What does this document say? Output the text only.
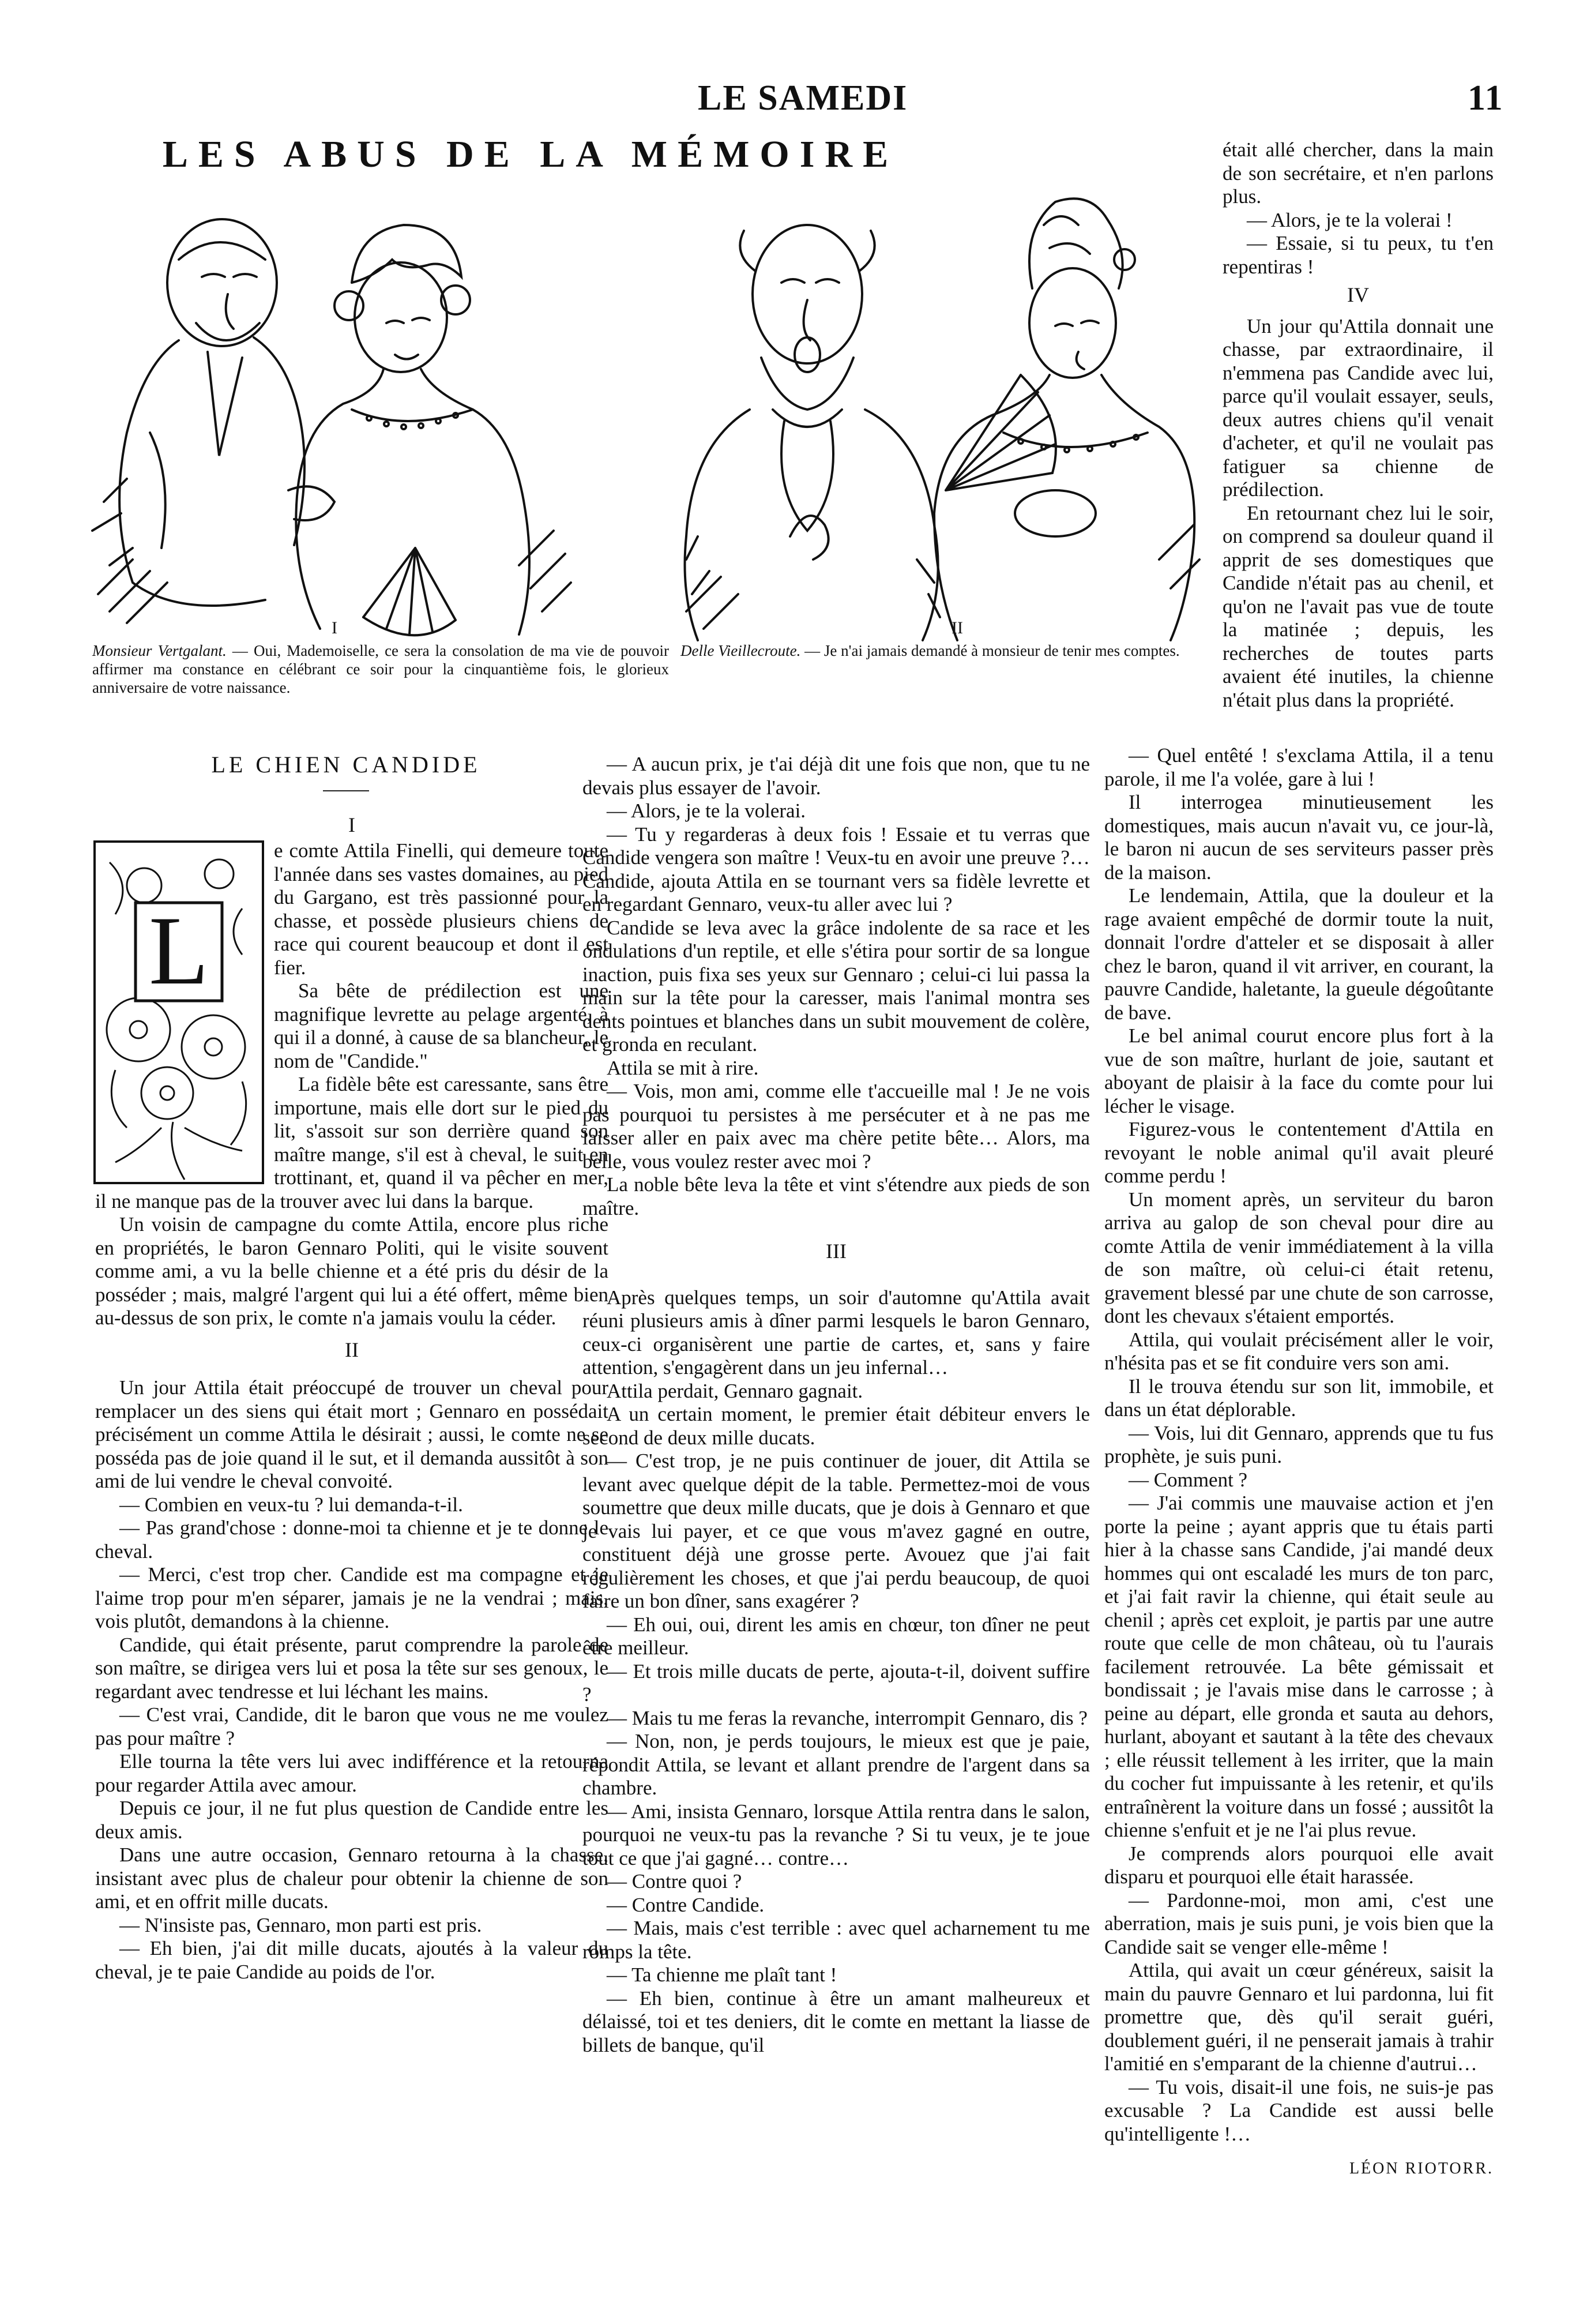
LE SAMEDI	11
LES ABUS DE LA MÉMOIRE
I
Monsieur Vertgalant. — Oui, Mademoiselle, ce sera la consolation de ma vie de pouvoir affirmer ma constance en célébrant ce soir pour la cinquantième fois, le glorieux anniversaire de votre naissance.
II
Delle Vieillecroute. — Je n'ai jamais demandé à monsieur de tenir mes comptes.
LE CHIEN CANDIDE
L
I

e comte Attila Finelli, qui demeure toute l'année dans ses vastes domaines, au pied du Gargano, est très passionné pour la chasse, et possède plusieurs chiens de race qui courent beaucoup et dont il est fier.

Sa bête de prédilection est une magnifique levrette au pelage argenté, à qui il a donné, à cause de sa blancheur, le nom de "Candide."

La fidèle bête est caressante, sans être importune, mais elle dort sur le pied du lit, s'assoit sur son derrière quand son maître mange, s'il est à cheval, le suit en trottinant, et, quand il va pêcher en mer, il ne manque pas de la trouver avec lui dans la barque.

Un voisin de campagne du comte Attila, encore plus riche en propriétés, le baron Gennaro Politi, qui le visite souvent comme ami, a vu la belle chienne et a été pris du désir de la posséder ; mais, malgré l'argent qui lui a été offert, même bien au-dessus de son prix, le comte n'a jamais voulu la céder.

II

Un jour Attila était préoccupé de trouver un cheval pour remplacer un des siens qui était mort ; Gennaro en possédait précisément un comme Attila le désirait ; aussi, le comte ne se posséda pas de joie quand il le sut, et il demanda aussitôt à son ami de lui vendre le cheval convoité.

— Combien en veux-tu ? lui demanda-t-il.

— Pas grand'chose : donne-moi ta chienne et je te donne le cheval.

— Merci, c'est trop cher. Candide est ma compagne et je l'aime trop pour m'en séparer, jamais je ne la vendrai ; mais, vois plutôt, demandons à la chienne.

Candide, qui était présente, parut comprendre la parole de son maître, se dirigea vers lui et posa la tête sur ses genoux, le regardant avec tendresse et lui léchant les mains.

— C'est vrai, Candide, dit le baron que vous ne me voulez pas pour maître ?

Elle tourna la tête vers lui avec indifférence et la retourna pour regarder Attila avec amour.

Depuis ce jour, il ne fut plus question de Candide entre les deux amis.

Dans une autre occasion, Gennaro retourna à la chasse, insistant avec plus de chaleur pour obtenir la chienne de son ami, et en offrit mille ducats.

— N'insiste pas, Gennaro, mon parti est pris.

— Eh bien, j'ai dit mille ducats, ajoutés à la valeur du cheval, je te paie Candide au poids de l'or.

— A aucun prix, je t'ai déjà dit une fois que non, que tu ne devais plus essayer de l'avoir.

— Alors, je te la volerai.

— Tu y regarderas à deux fois ! Essaie et tu verras que Candide vengera son maître ! Veux-tu en avoir une preuve ?… Candide, ajouta Attila en se tournant vers sa fidèle levrette et en regardant Gennaro, veux-tu aller avec lui ?

Candide se leva avec la grâce indolente de sa race et les ondulations d'un reptile, et elle s'étira pour sortir de sa longue inaction, puis fixa ses yeux sur Gennaro ; celui-ci lui passa la main sur la tête pour la caresser, mais l'animal montra ses dents pointues et blanches dans un subit mouvement de colère, et gronda en reculant.

Attila se mit à rire.

— Vois, mon ami, comme elle t'accueille mal ! Je ne vois pas pourquoi tu persistes à me persécuter et à ne pas me laisser aller en paix avec ma chère petite bête… Alors, ma belle, vous voulez rester avec moi ?

La noble bête leva la tête et vint s'étendre aux pieds de son maître.

III

Après quelques temps, un soir d'automne qu'Attila avait réuni plusieurs amis à dîner parmi lesquels le baron Gennaro, ceux-ci organisèrent une partie de cartes, et, sans y faire attention, s'engagèrent dans un jeu infernal…

Attila perdait, Gennaro gagnait.

A un certain moment, le premier était débiteur envers le second de deux mille ducats.

— C'est trop, je ne puis continuer de jouer, dit Attila se levant avec quelque dépit de la table. Permettez-moi de vous soumettre que deux mille ducats, que je dois à Gennaro et que je vais lui payer, et ce que vous m'avez gagné en outre, constituent déjà une grosse perte. Avouez que j'ai fait régulièrement les choses, et que j'ai perdu beaucoup, de quoi faire un bon dîner, sans exagérer ?

— Eh oui, oui, dirent les amis en chœur, ton dîner ne peut être meilleur.

— Et trois mille ducats de perte, ajouta-t-il, doivent suffire ?

— Mais tu me feras la revanche, interrompit Gennaro, dis ?

— Non, non, je perds toujours, le mieux est que je paie, répondit Attila, se levant et allant prendre de l'argent dans sa chambre.

— Ami, insista Gennaro, lorsque Attila rentra dans le salon, pourquoi ne veux-tu pas la revanche ? Si tu veux, je te joue tout ce que j'ai gagné… contre…

— Contre quoi ?

— Contre Candide.

— Mais, mais c'est terrible : avec quel acharnement tu me romps la tête.

— Ta chienne me plaît tant !

— Eh bien, continue à être un amant malheureux et délaissé, toi et tes deniers, dit le comte en mettant la liasse de billets de banque, qu'il

était allé chercher, dans la main de son secrétaire, et n'en parlons plus.

— Alors, je te la volerai !

— Essaie, si tu peux, tu t'en repentiras !

IV

Un jour qu'Attila donnait une chasse, par extraordinaire, il n'emmena pas Candide avec lui, parce qu'il voulait essayer, seuls, deux autres chiens qu'il venait d'acheter, et qu'il ne voulait pas fatiguer sa chienne de prédilection.

En retournant chez lui le soir, on comprend sa douleur quand il apprit de ses domestiques que Candide n'était pas au chenil, et qu'on ne l'avait pas vue de toute la matinée ; depuis, les recherches de toutes parts avaient été inutiles, la chienne n'était plus dans la propriété.

— Quel entêté ! s'exclama Attila, il a tenu parole, il me l'a volée, gare à lui !

Il interrogea minutieusement les domestiques, mais aucun n'avait vu, ce jour-là, le baron ni aucun de ses serviteurs passer près de la maison.

Le lendemain, Attila, que la douleur et la rage avaient empêché de dormir toute la nuit, donnait l'ordre d'atteler et se disposait à aller chez le baron, quand il vit arriver, en courant, la pauvre Candide, haletante, la gueule dégoûtante de bave.

Le bel animal courut encore plus fort à la vue de son maître, hurlant de joie, sautant et aboyant de plaisir à la face du comte pour lui lécher le visage.

Figurez-vous le contentement d'Attila en revoyant le noble animal qu'il avait pleuré comme perdu !

Un moment après, un serviteur du baron arriva au galop de son cheval pour dire au comte Attila de venir immédiatement à la villa de son maître, où celui-ci était retenu, gravement blessé par une chute de son carrosse, dont les chevaux s'étaient emportés.

Attila, qui voulait précisément aller le voir, n'hésita pas et se fit conduire vers son ami.

Il le trouva étendu sur son lit, immobile, et dans un état déplorable.

— Vois, lui dit Gennaro, apprends que tu fus prophète, je suis puni.

— Comment ?

— J'ai commis une mauvaise action et j'en porte la peine ; ayant appris que tu étais parti hier à la chasse sans Candide, j'ai mandé deux hommes qui ont escaladé les murs de ton parc, et j'ai fait ravir la chienne, qui était seule au chenil ; après cet exploit, je partis par une autre route que celle de mon château, où tu l'aurais facilement retrouvée. La bête gémissait et bondissait ; je l'avais mise dans le carrosse ; à peine au départ, elle gronda et sauta au dehors, hurlant, aboyant et sautant à la tête des chevaux ; elle réussit tellement à les irriter, que la main du cocher fut impuissante à les retenir, et qu'ils entraînèrent la voiture dans un fossé ; aussitôt la chienne s'enfuit et je ne l'ai plus revue.

Je comprends alors pourquoi elle avait disparu et pourquoi elle était harassée.

— Pardonne-moi, mon ami, c'est une aberration, mais je suis puni, je vois bien que la Candide sait se venger elle-même !

Attila, qui avait un cœur généreux, saisit la main du pauvre Gennaro et lui pardonna, lui fit promettre que, dès qu'il serait guéri, doublement guéri, il ne penserait jamais à trahir l'amitié en s'emparant de la chienne d'autrui…

— Tu vois, disait-il une fois, ne suis-je pas excusable ? La Candide est aussi belle qu'intelligente !…

LÉON RIOTORR.
